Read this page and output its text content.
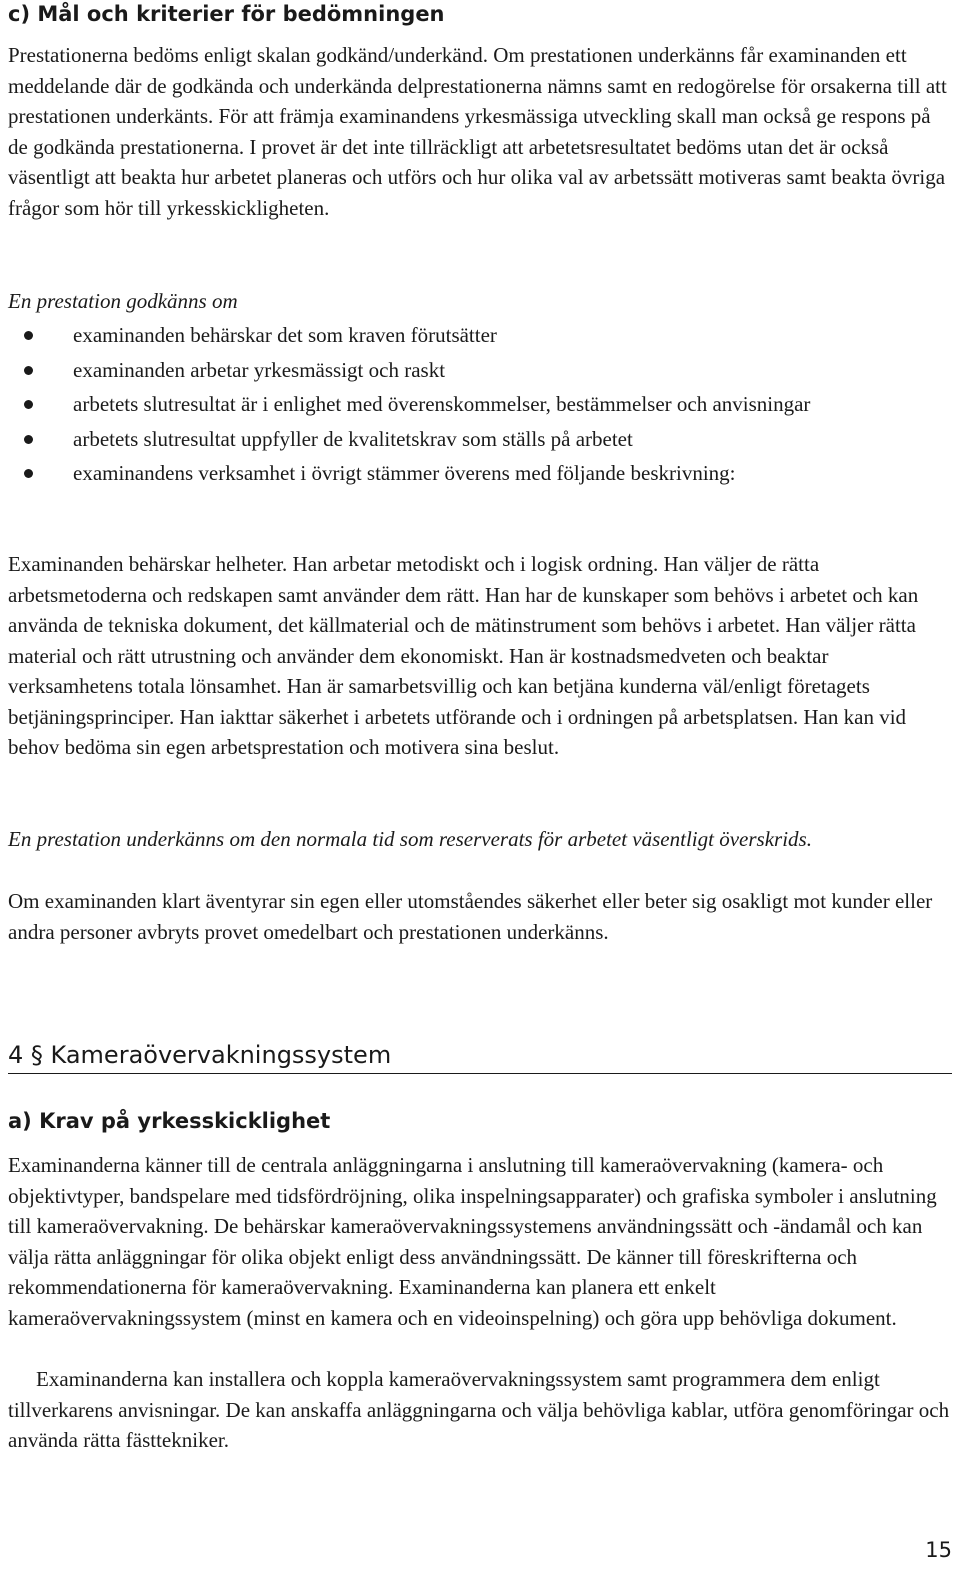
c) Mål och kriterier för bedömningen

Prestationerna bedöms enligt skalan godkänd/underkänd. Om prestationen underkänns får examinanden ett meddelande där de godkända och underkända delprestationerna nämns samt en redogörelse för orsakerna till att prestationen underkänts. För att främja examinandens yrkesmässiga utveckling skall man också ge respons på de godkända prestationerna. I provet är det inte tillräckligt att arbetetsresultatet bedöms utan det är också väsentligt att beakta hur arbetet planeras och utförs och hur olika val av arbetssätt motiveras samt beakta övriga frågor som hör till yrkesskickligheten.

En prestation godkänns om
examinanden behärskar det som kraven förutsätter
examinanden arbetar yrkesmässigt och raskt
arbetets slutresultat är i enlighet med överenskommelser, bestämmelser och anvisningar
arbetets slutresultat uppfyller de kvalitetskrav som ställs på arbetet
examinandens verksamhet i övrigt stämmer överens med följande beskrivning:

Examinanden behärskar helheter. Han arbetar metodiskt och i logisk ordning. Han väljer de rätta arbetsmetoderna och redskapen samt använder dem rätt. Han har de kunskaper som behövs i arbetet och kan använda de tekniska dokument, det källmaterial och de mätinstrument som behövs i arbetet. Han väljer rätta material och rätt utrustning och använder dem ekonomiskt. Han är kostnadsmedveten och beaktar verksamhetens totala lönsamhet. Han är samarbetsvillig och kan betjäna kunderna väl/enligt företagets betjäningsprinciper. Han iakttar säkerhet i arbetets utförande och i ordningen på arbetsplatsen. Han kan vid behov bedöma sin egen arbetsprestation och motivera sina beslut.

En prestation underkänns om den normala tid som reserverats för arbetet väsentligt överskrids.

Om examinanden klart äventyrar sin egen eller utomståendes säkerhet eller beter sig osakligt mot kunder eller andra personer avbryts provet omedelbart och prestationen underkänns.

4 § Kameraövervakningssystem
a) Krav på yrkesskicklighet

Examinanderna känner till de centrala anläggningarna i anslutning till kameraövervakning (kamera- och objektivtyper, bandspelare med tidsfördröjning, olika inspelningsapparater) och grafiska symboler i anslutning till kameraövervakning. De behärskar kameraövervakningssystemens användningssätt och -ändamål och kan välja rätta anläggningar för olika objekt enligt dess användningssätt. De känner till föreskrifterna och rekommendationerna för kameraövervakning. Examinanderna kan planera ett enkelt kameraövervakningssystem (minst en kamera och en videoinspelning) och göra upp behövliga dokument.

Examinanderna kan installera och koppla kameraövervakningssystem samt programmera dem enligt tillverkarens anvisningar. De kan anskaffa anläggningarna och välja behövliga kablar, utföra genomföringar och använda rätta fästtekniker.

15
